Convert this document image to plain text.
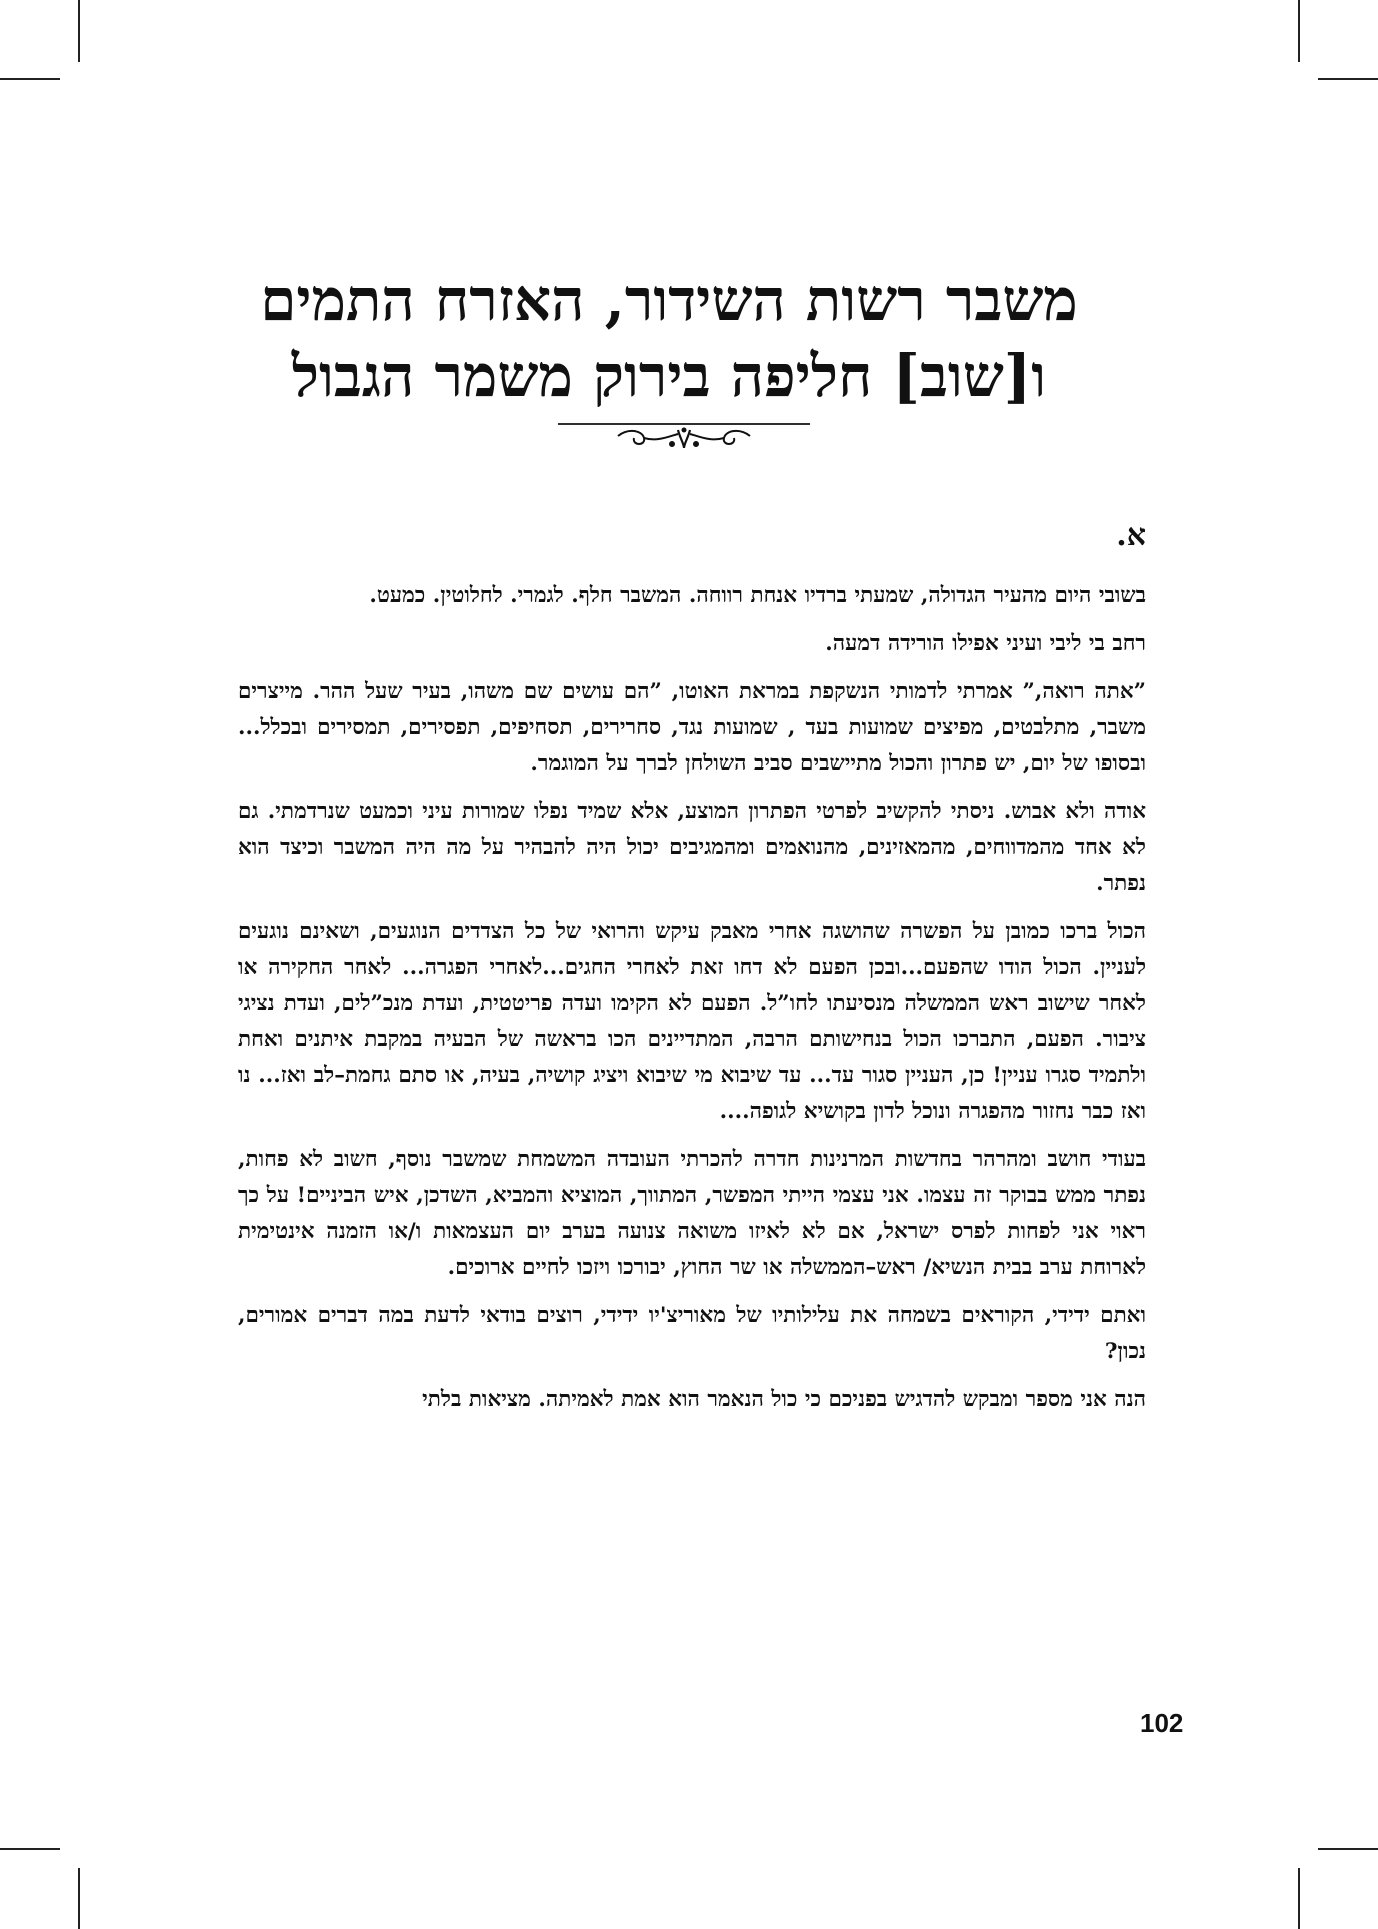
משבר רשות השידור, האזרח התמים
ו[שוב] חליפה בירוק משמר הגבול
א.

בשובי היום מהעיר הגדולה, שמעתי ברדיו אנחת רווחה. המשבר חלף. לגמרי. לחלוטין. כמעט.

רחב בי ליבי ועיני אפילו הורידה דמעה.

”אתה רואה,” אמרתי לדמותי הנשקפת במראת האוטו, ”הם עושים שם משהו, בעיר שעל ההר. מייצרים משבר, מתלבטים, מפיצים שמועות בעד , שמועות נגד, סחרירים, תסחיפים, תפסירים, תמסירים ובכלל... ובסופו של יום, יש פתרון והכול מתיישבים סביב השולחן לברך על המוגמר.

אודה ולא אבוש. ניסתי להקשיב לפרטי הפתרון המוצע, אלא שמיד נפלו שמורות עיני וכמעט שנרדמתי. גם לא אחד מהמדווחים, מהמאזינים, מהנואמים ומהמגיבים יכול היה להבהיר על מה היה המשבר וכיצד הוא נפתר.

הכול ברכו כמובן על הפשרה שהושגה אחרי מאבק עיקש והרואי של כל הצדדים הנוגעים, ושאינם נוגעים לעניין. הכול הודו שהפעם...ובכן הפעם לא דחו זאת לאחרי החגים...לאחרי הפגרה... לאחר החקירה או לאחר שישוב ראש הממשלה מנסיעתו לחו”ל. הפעם לא הקימו ועדה פריטטית, ועדת מנכ”לים, ועדת נציגי ציבור. הפעם, התברכו הכול בנחישותם הרבה, המתדיינים הכו בראשה של הבעיה במקבת איתנים ואחת ולתמיד סגרו עניין! כן, העניין סגור עד... עד שיבוא מי שיבוא ויציג קושיה, בעיה, או סתם גחמת–לב ואז... נו ואז כבר נחזור מהפגרה ונוכל לדון בקושיא לגופה....

בעודי חושב ומהרהר בחדשות המרנינות חדרה להכרתי העובדה המשמחת שמשבר נוסף, חשוב לא פחות, נפתר ממש בבוקר זה עצמו. אני עצמי הייתי המפשר, המתווך, המוציא והמביא, השדכן, איש הביניים! על כך ראוי אני לפחות לפרס ישראל, אם לא לאיזו משואה צנועה בערב יום העצמאות ו/או הזמנה אינטימית לארוחת ערב בבית הנשיא/ ראש–הממשלה או שר החוץ, יבורכו ויזכו לחיים ארוכים.

ואתם ידידי, הקוראים בשמחה את עלילותיו של מאוריצ'יו ידידי, רוצים בודאי לדעת במה דברים אמורים, נכון?

הנה אני מספר ומבקש להדגיש בפניכם כי כול הנאמר הוא אמת לאמיתה. מציאות בלתי

102
